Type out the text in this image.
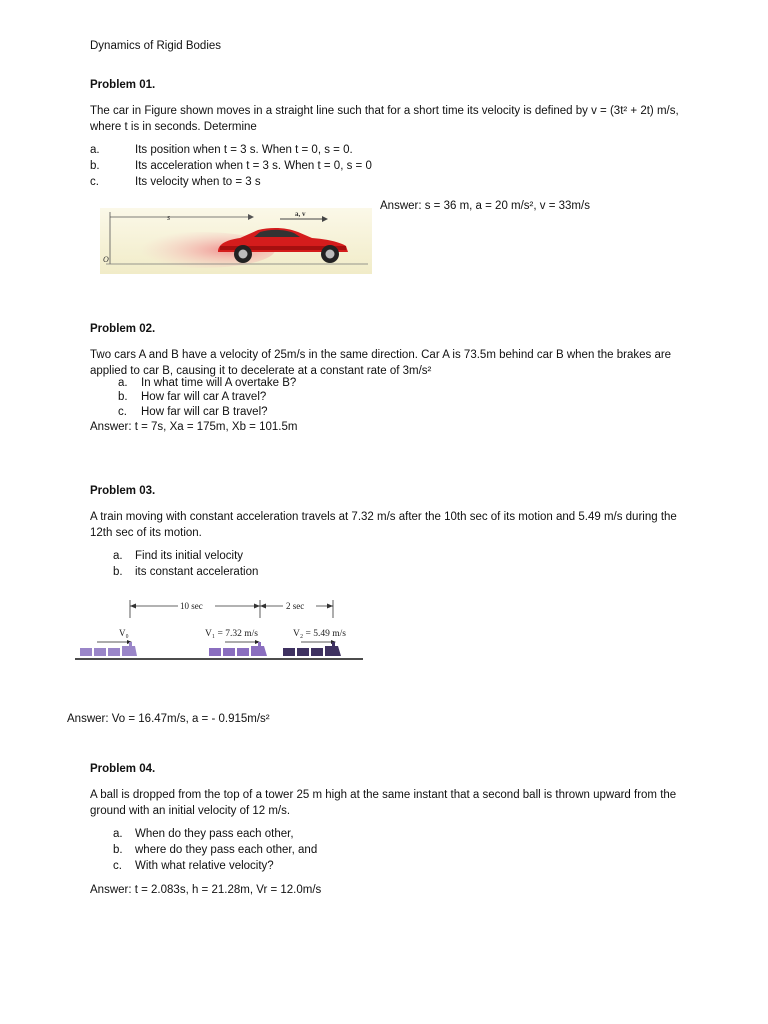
Dynamics of Rigid Bodies
Problem 01.
The car in Figure shown moves in a straight line such that for a short time its velocity is defined by v = (3t² + 2t) m/s, where t is in seconds. Determine
a.	Its position when t = 3 s. When t = 0, s = 0.
b.	Its acceleration when t = 3 s. When t = 0, s = 0
c.	Its velocity when to = 3 s
Answer: s = 36 m, a = 20 m/s², v = 33m/s
s	a, v
O
Problem 02.
Two cars A and B have a velocity of 25m/s in the same direction. Car A is 73.5m behind car B when the brakes are applied to car B, causing it to decelerate at a constant rate of 3m/s²
a. In what time will A overtake B?
b. How far will car A travel?
c. How far will car B travel?
Answer: t = 7s, Xa = 175m, Xb = 101.5m
Problem 03.
A train moving with constant acceleration travels at 7.32 m/s after the 10th sec of its motion and 5.49 m/s during the 12th sec of its motion.
a. Find its initial velocity
b. its constant acceleration
10 sec	2 sec
V₀	V₁ = 7.32 m/s	V₂ = 5.49 m/s
Answer: Vo = 16.47m/s, a = - 0.915m/s²
Problem 04.
A ball is dropped from the top of a tower 25 m high at the same instant that a second ball is thrown upward from the ground with an initial velocity of 12 m/s.
a. When do they pass each other,
b. where do they pass each other, and
c. With what relative velocity?
Answer: t = 2.083s, h = 21.28m, Vr = 12.0m/s
